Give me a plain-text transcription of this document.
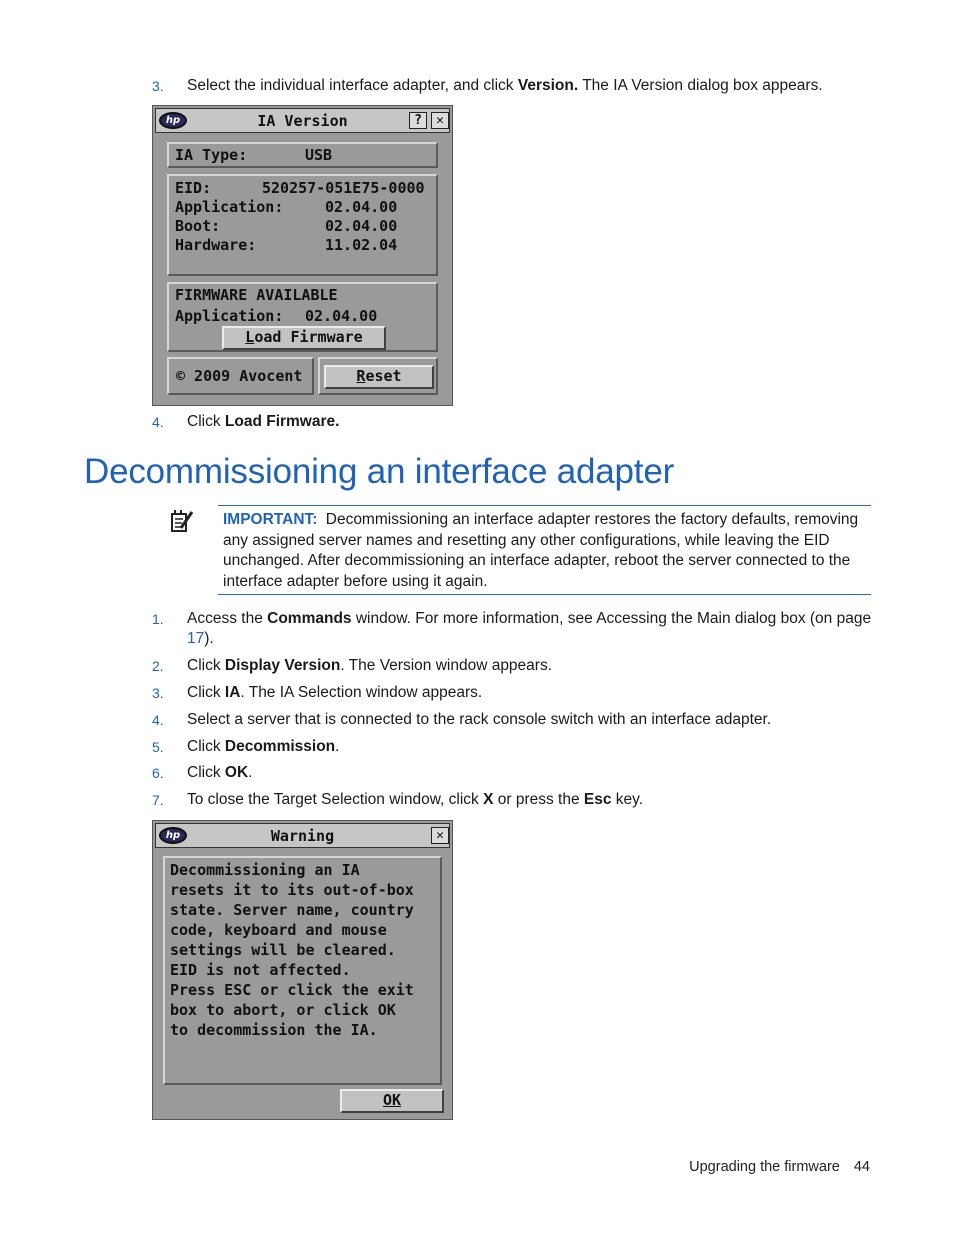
3. Select the individual interface adapter, and click Version. The IA Version dialog box appears.
hp	IA Version	?	✕
IA Type:	USB
EID:	520257-051E75-0000
Application:	02.04.00
Boot:	02.04.00
Hardware:	11.02.04
FIRMWARE AVAILABLE
Application: 02.04.00
Load Firmware
© 2009 Avocent	Reset
4. Click Load Firmware.
Decommissioning an interface adapter
IMPORTANT: Decommissioning an interface adapter restores the factory defaults, removing any assigned server names and resetting any other configurations, while leaving the EID unchanged. After decommissioning an interface adapter, reboot the server connected to the interface adapter before using it again.
1. Access the Commands window. For more information, see Accessing the Main dialog box (on page 17).
2. Click Display Version. The Version window appears.
3. Click IA. The IA Selection window appears.
4. Select a server that is connected to the rack console switch with an interface adapter.
5. Click Decommission.
6. Click OK.
7. To close the Target Selection window, click X or press the Esc key.
hp	Warning	✕
Decommissioning an IA
resets it to its out-of-box
state. Server name, country
code, keyboard and mouse
settings will be cleared.
EID is not affected.
Press ESC or click the exit
box to abort, or click OK
to decommission the IA.
OK
Upgrading the firmware 44
